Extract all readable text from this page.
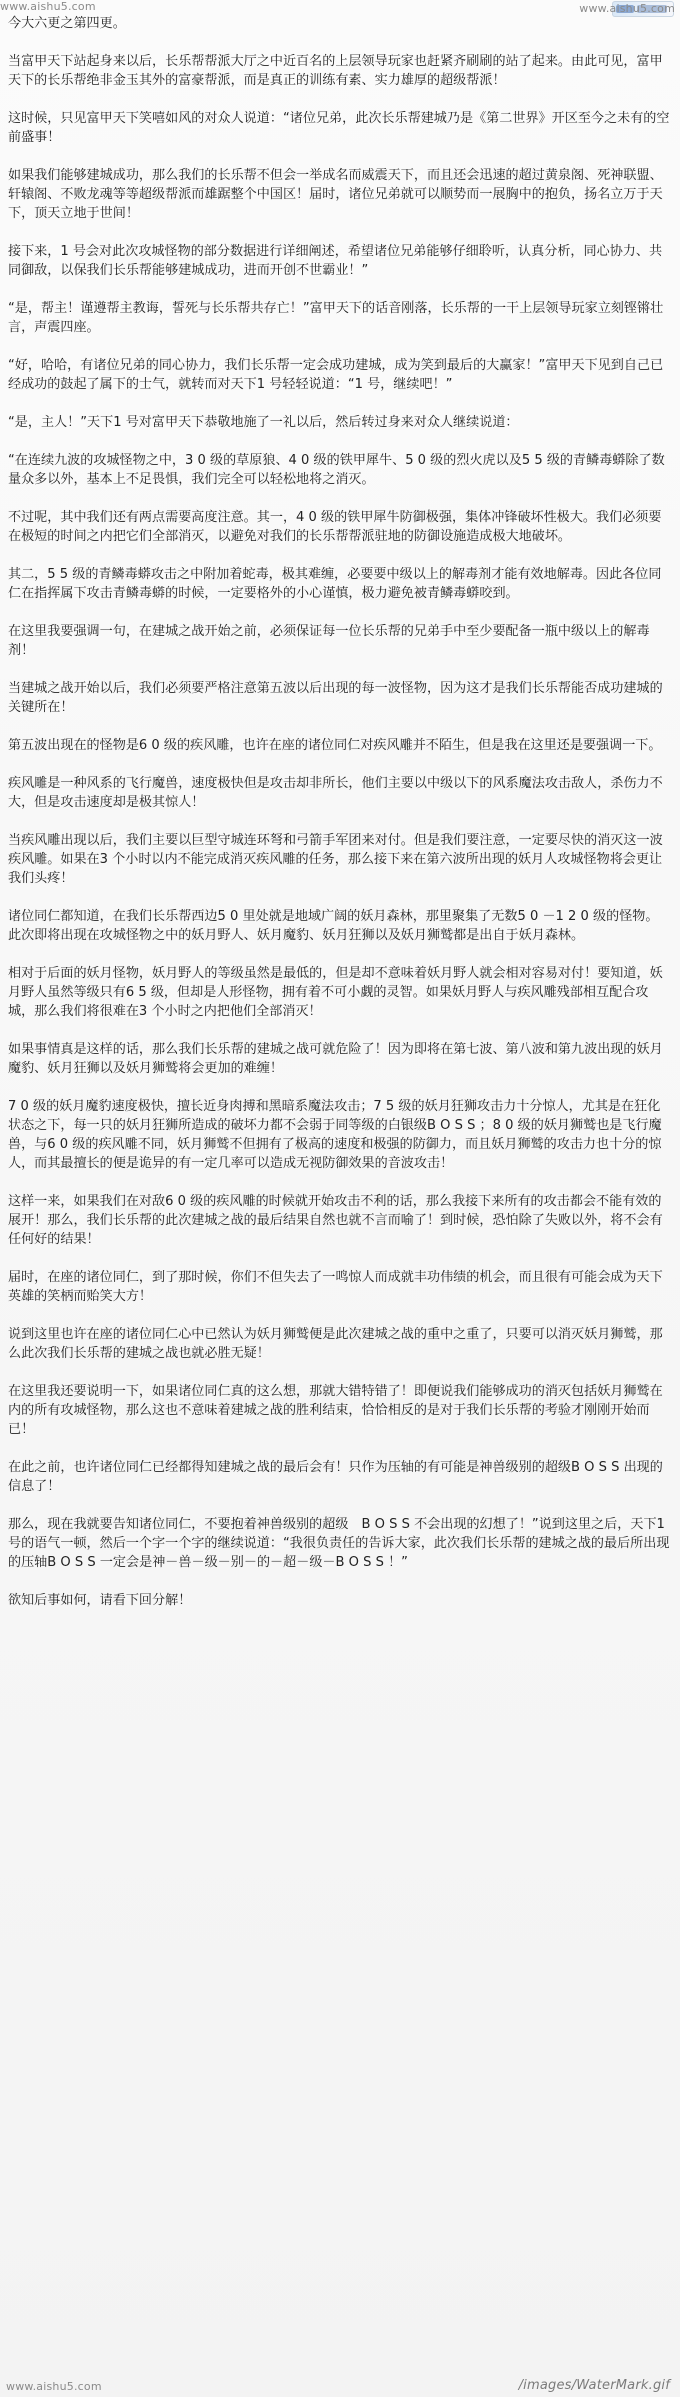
www.aishu5.com	www.aishu5.com

今大六更之第四更。

当富甲天下站起身来以后，长乐帮帮派大厅之中近百名的上层领导玩家也赶紧齐刷刷的站了起来。由此可见，富甲天下的长乐帮绝非金玉其外的富豪帮派，而是真正的训练有素、实力雄厚的超级帮派！

这时候，只见富甲天下笑嘻如风的对众人说道：“诸位兄弟，此次长乐帮建城乃是《第二世界》开区至今之未有的空前盛事！

如果我们能够建城成功，那么我们的长乐帮不但会一举成名而威震天下，而且还会迅速的超过黄泉阁、死神联盟、轩辕阁、不败龙魂等等超级帮派而雄踞整个中国区！届时，诸位兄弟就可以顺势而一展胸中的抱负，扬名立万于天下，顶天立地于世间！

接下来，1 号会对此次攻城怪物的部分数据进行详细阐述，希望诸位兄弟能够仔细聆听，认真分析，同心协力、共同御敌，以保我们长乐帮能够建城成功，进而开创不世霸业！”

“是，帮主！谨遵帮主教诲，誓死与长乐帮共存亡！”富甲天下的话音刚落，长乐帮的一干上层领导玩家立刻铿锵壮言，声震四座。

“好，哈哈，有诸位兄弟的同心协力，我们长乐帮一定会成功建城，成为笑到最后的大赢家！”富甲天下见到自己已经成功的鼓起了属下的士气，就转而对天下1 号轻轻说道：“1 号，继续吧！”

“是，主人！”天下1 号对富甲天下恭敬地施了一礼以后，然后转过身来对众人继续说道：

“在连续九波的攻城怪物之中，3 0 级的草原狼、4 0 级的铁甲犀牛、5 0 级的烈火虎以及5 5 级的青鳞毒蟒除了数量众多以外，基本上不足畏惧，我们完全可以轻松地将之消灭。

不过呢，其中我们还有两点需要高度注意。其一，4 0 级的铁甲犀牛防御极强，集体冲锋破坏性极大。我们必须要在极短的时间之内把它们全部消灭，以避免对我们的长乐帮帮派驻地的防御设施造成极大地破坏。

其二，5 5 级的青鳞毒蟒攻击之中附加着蛇毒，极其难缠，必要要中级以上的解毒剂才能有效地解毒。因此各位同仁在指挥属下攻击青鳞毒蟒的时候，一定要格外的小心谨慎，极力避免被青鳞毒蟒咬到。

在这里我要强调一句，在建城之战开始之前，必须保证每一位长乐帮的兄弟手中至少要配备一瓶中级以上的解毒剂！

当建城之战开始以后，我们必须要严格注意第五波以后出现的每一波怪物，因为这才是我们长乐帮能否成功建城的关键所在！

第五波出现在的怪物是6 0 级的疾风雕，也许在座的诸位同仁对疾风雕并不陌生，但是我在这里还是要强调一下。

疾风雕是一种风系的飞行魔兽，速度极快但是攻击却非所长，他们主要以中级以下的风系魔法攻击敌人，杀伤力不大，但是攻击速度却是极其惊人！

当疾风雕出现以后，我们主要以巨型守城连环弩和弓箭手军团来对付。但是我们要注意，一定要尽快的消灭这一波疾风雕。如果在3 个小时以内不能完成消灭疾风雕的任务，那么接下来在第六波所出现的妖月人攻城怪物将会更让我们头疼！

诸位同仁都知道，在我们长乐帮西边5 0 里处就是地域广阔的妖月森林，那里聚集了无数5 0 －1 2 0 级的怪物。此次即将出现在攻城怪物之中的妖月野人、妖月魔豹、妖月狂狮以及妖月狮鹫都是出自于妖月森林。

相对于后面的妖月怪物，妖月野人的等级虽然是最低的，但是却不意味着妖月野人就会相对容易对付！要知道，妖月野人虽然等级只有6 5 级，但却是人形怪物，拥有着不可小觑的灵智。如果妖月野人与疾风雕残部相互配合攻城，那么我们将很难在3 个小时之内把他们全部消灭！

如果事情真是这样的话，那么我们长乐帮的建城之战可就危险了！因为即将在第七波、第八波和第九波出现的妖月魔豹、妖月狂狮以及妖月狮鹫将会更加的难缠！

7 0 级的妖月魔豹速度极快，擅长近身肉搏和黑暗系魔法攻击；7 5 级的妖月狂狮攻击力十分惊人，尤其是在狂化状态之下，每一只的妖月狂狮所造成的破坏力都不会弱于同等级的白银级B O S S ；8 0 级的妖月狮鹫也是飞行魔兽，与6 0 级的疾风雕不同，妖月狮鹫不但拥有了极高的速度和极强的防御力，而且妖月狮鹫的攻击力也十分的惊人，而其最擅长的便是诡异的有一定几率可以造成无视防御效果的音波攻击！

这样一来，如果我们在对敌6 0 级的疾风雕的时候就开始攻击不利的话，那么我接下来所有的攻击都会不能有效的展开！那么，我们长乐帮的此次建城之战的最后结果自然也就不言而喻了！到时候，恐怕除了失败以外，将不会有任何好的结果！

届时，在座的诸位同仁，到了那时候，你们不但失去了一鸣惊人而成就丰功伟绩的机会，而且很有可能会成为天下英雄的笑柄而贻笑大方！

说到这里也许在座的诸位同仁心中已然认为妖月狮鹫便是此次建城之战的重中之重了，只要可以消灭妖月狮鹫，那么此次我们长乐帮的建城之战也就必胜无疑！

在这里我还要说明一下，如果诸位同仁真的这么想，那就大错特错了！即便说我们能够成功的消灭包括妖月狮鹫在内的所有攻城怪物，那么这也不意味着建城之战的胜利结束，恰恰相反的是对于我们长乐帮的考验才刚刚开始而已！

在此之前，也许诸位同仁已经都得知建城之战的最后会有！只作为压轴的有可能是神兽级别的超级B O S S 出现的信息了！

那么，现在我就要告知诸位同仁，不要抱着神兽级别的超级　B O S S 不会出现的幻想了！”说到这里之后，天下1 号的语气一顿，然后一个字一个字的继续说道：“我很负责任的告诉大家，此次我们长乐帮的建城之战的最后所出现的压轴B O S S 一定会是神－兽－级－别－的－超－级－B O S S ！”

欲知后事如何，请看下回分解！

www.aishu5.com	/images/WaterMark.gif
